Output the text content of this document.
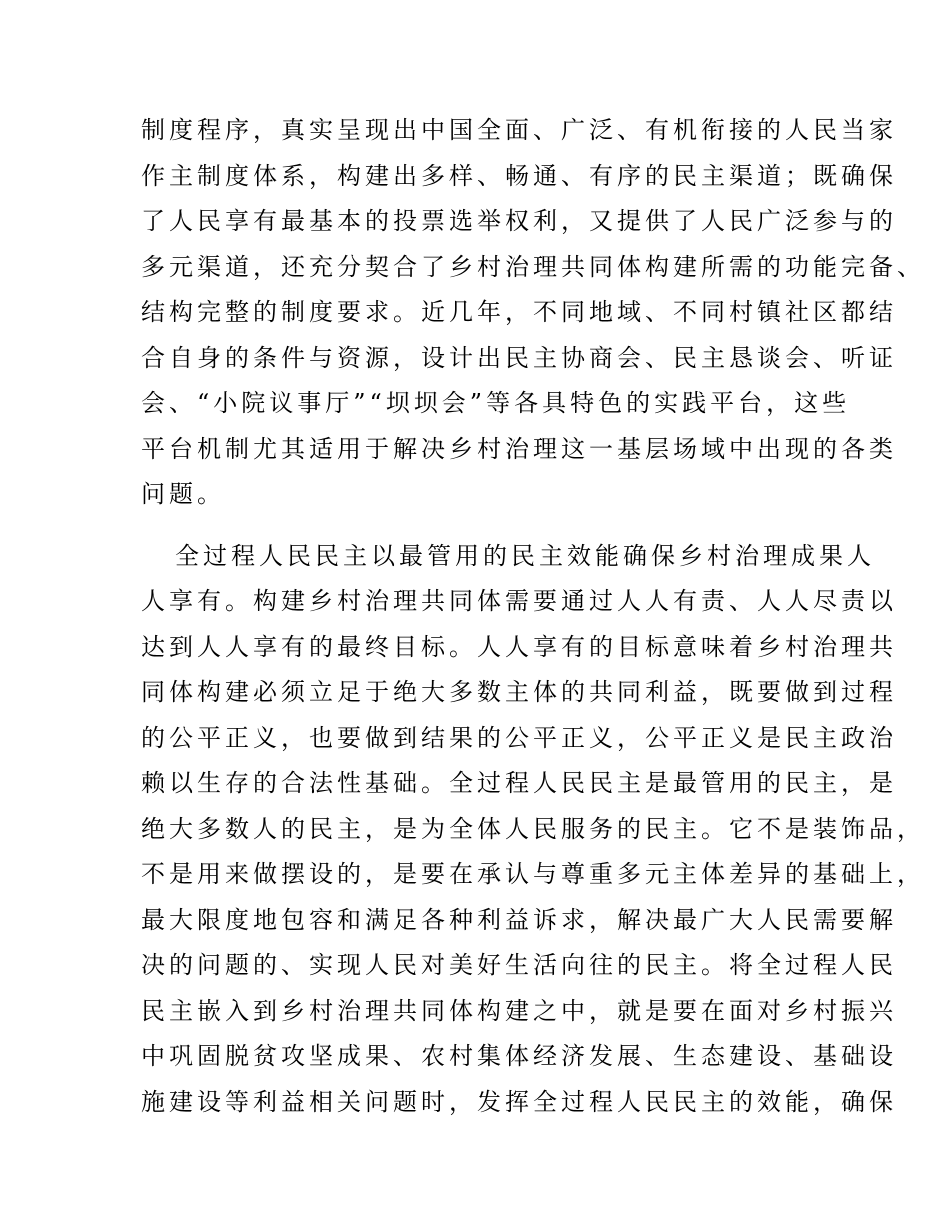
制度程序，真实呈现出中国全面、广泛、有机衔接的人民当家
作主制度体系，构建出多样、畅通、有序的民主渠道；既确保
了人民享有最基本的投票选举权利，又提供了人民广泛参与的
多元渠道，还充分契合了乡村治理共同体构建所需的功能完备、
结构完整的制度要求。近几年，不同地域、不同村镇社区都结
合自身的条件与资源，设计出民主协商会、民主恳谈会、听证
会、“小院议事厅”“坝坝会”等各具特色的实践平台，这些
平台机制尤其适用于解决乡村治理这一基层场域中出现的各类
问题。

全过程人民民主以最管用的民主效能确保乡村治理成果人
人享有。构建乡村治理共同体需要通过人人有责、人人尽责以
达到人人享有的最终目标。人人享有的目标意味着乡村治理共
同体构建必须立足于绝大多数主体的共同利益，既要做到过程
的公平正义，也要做到结果的公平正义，公平正义是民主政治
赖以生存的合法性基础。全过程人民民主是最管用的民主，是
绝大多数人的民主，是为全体人民服务的民主。它不是装饰品，
不是用来做摆设的，是要在承认与尊重多元主体差异的基础上，
最大限度地包容和满足各种利益诉求，解决最广大人民需要解
决的问题的、实现人民对美好生活向往的民主。将全过程人民
民主嵌入到乡村治理共同体构建之中，就是要在面对乡村振兴
中巩固脱贫攻坚成果、农村集体经济发展、生态建设、基础设
施建设等利益相关问题时，发挥全过程人民民主的效能，确保
